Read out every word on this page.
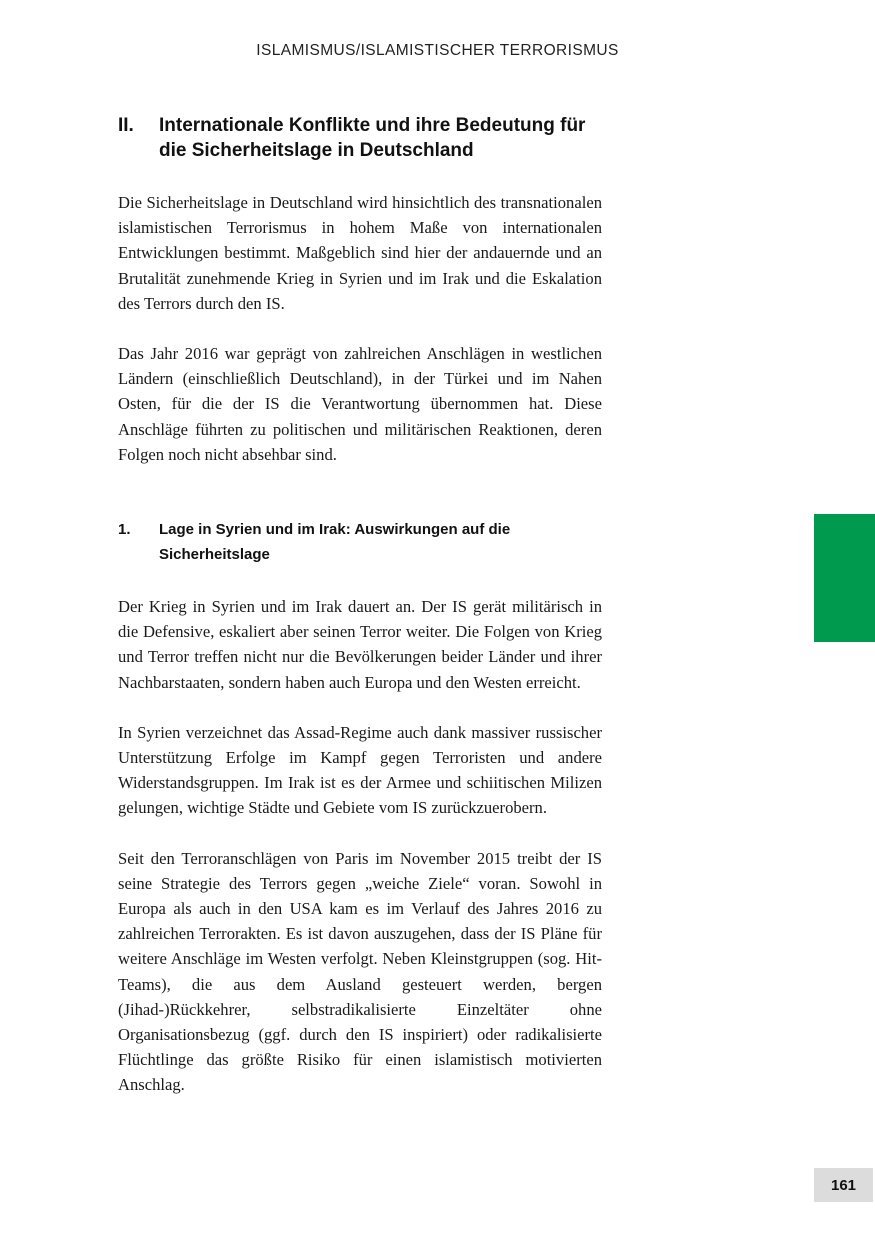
ISLAMISMUS/ISLAMISTISCHER TERRORISMUS
II.	Internationale Konflikte und ihre Bedeutung für die Sicherheitslage in Deutschland

Die Sicherheitslage in Deutschland wird hinsichtlich des transnationalen islamistischen Terrorismus in hohem Maße von internationalen Entwicklungen bestimmt. Maßgeblich sind hier der andauernde und an Brutalität zunehmende Krieg in Syrien und im Irak und die Eskalation des Terrors durch den IS.

Das Jahr 2016 war geprägt von zahlreichen Anschlägen in westlichen Ländern (einschließlich Deutschland), in der Türkei und im Nahen Osten, für die der IS die Verantwortung übernommen hat. Diese Anschläge führten zu politischen und militärischen Reaktionen, deren Folgen noch nicht absehbar sind.

1.	Lage in Syrien und im Irak: Auswirkungen auf die Sicherheitslage

Der Krieg in Syrien und im Irak dauert an. Der IS gerät militärisch in die Defensive, eskaliert aber seinen Terror weiter. Die Folgen von Krieg und Terror treffen nicht nur die Bevölkerungen beider Länder und ihrer Nachbarstaaten, sondern haben auch Europa und den Westen erreicht.

In Syrien verzeichnet das Assad-Regime auch dank massiver russischer Unterstützung Erfolge im Kampf gegen Terroristen und andere Widerstandsgruppen. Im Irak ist es der Armee und schiitischen Milizen gelungen, wichtige Städte und Gebiete vom IS zurückzuerobern.

Seit den Terroranschlägen von Paris im November 2015 treibt der IS seine Strategie des Terrors gegen „weiche Ziele“ voran. Sowohl in Europa als auch in den USA kam es im Verlauf des Jahres 2016 zu zahlreichen Terrorakten. Es ist davon auszugehen, dass der IS Pläne für weitere Anschläge im Westen verfolgt. Neben Kleinstgruppen (sog. Hit-Teams), die aus dem Ausland gesteuert werden, bergen (Jihad-)Rückkehrer, selbstradikalisierte Einzeltäter ohne Organisationsbezug (ggf. durch den IS inspiriert) oder radikalisierte Flüchtlinge das größte Risiko für einen islamistisch motivierten Anschlag.

161
